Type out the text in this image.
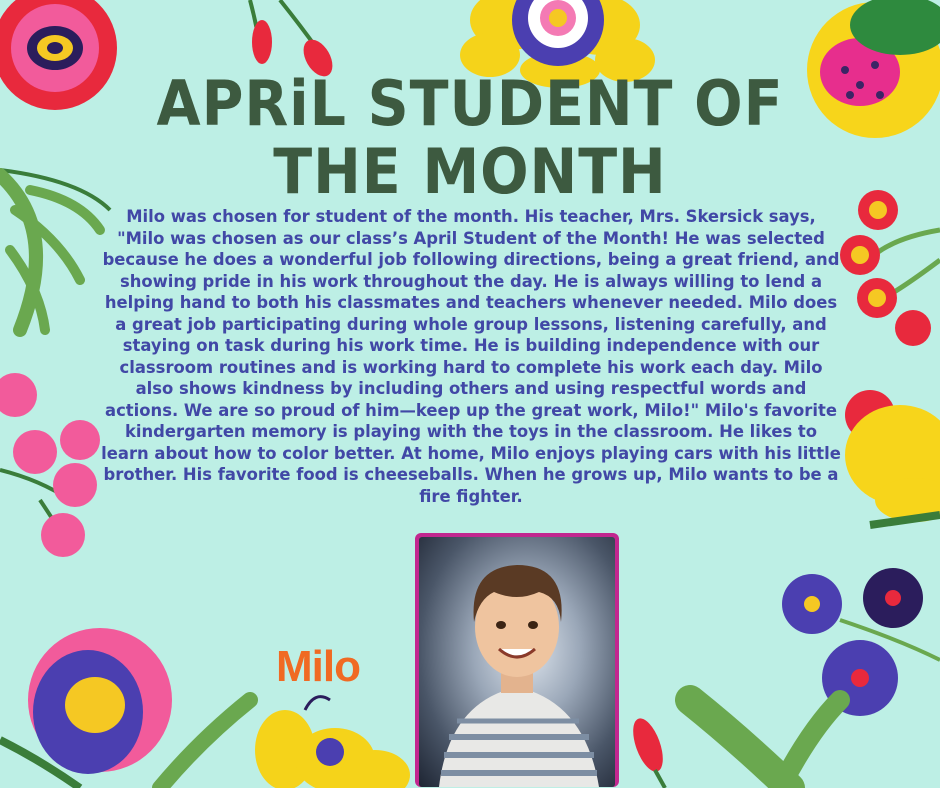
APRiL STUDENT OF
THE MONTH

Milo was chosen for student of the month. His teacher, Mrs. Skersick says, "Milo was chosen as our class’s April Student of the Month! He was selected because he does a wonderful job following directions, being a great friend, and showing pride in his work throughout the day. He is always willing to lend a helping hand to both his classmates and teachers whenever needed. Milo does a great job participating during whole group lessons, listening carefully, and staying on task during his work time. He is building independence with our classroom routines and is working hard to complete his work each day. Milo also shows kindness by including others and using respectful words and actions. We are so proud of him—keep up the great work, Milo!" Milo's favorite kindergarten memory is playing with the toys in the classroom. He likes to learn about how to color better. At home, Milo enjoys playing cars with his little brother. His favorite food is cheeseballs. When he grows up, Milo wants to be a fire fighter.

Milo
